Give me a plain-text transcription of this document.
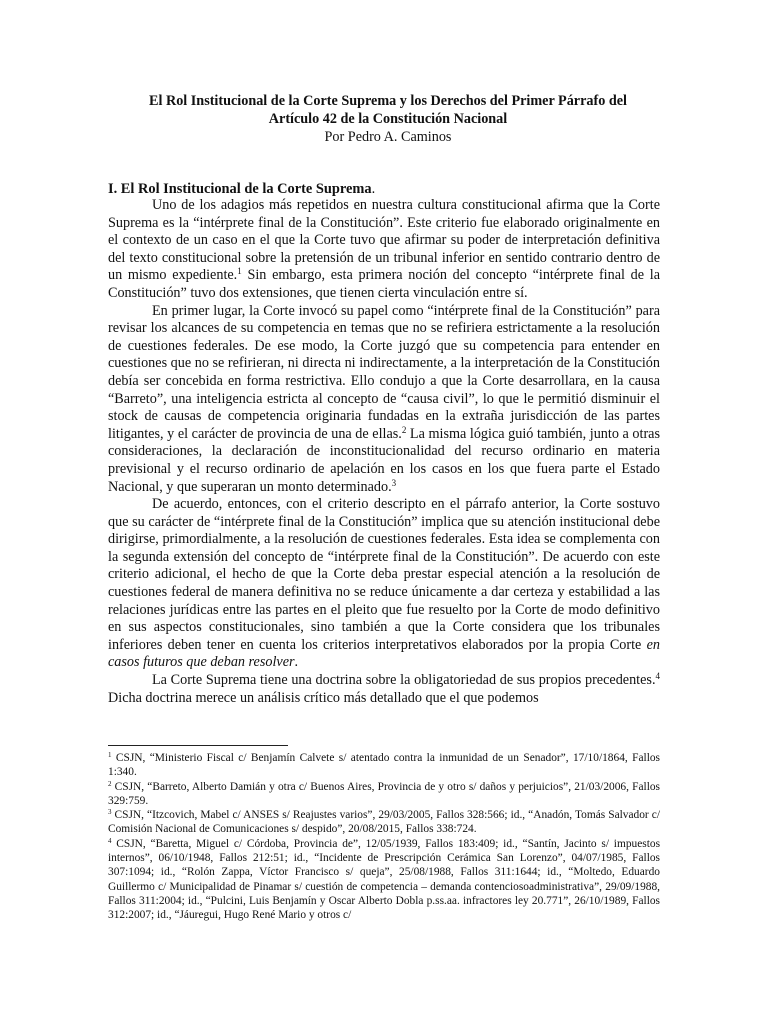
El Rol Institucional de la Corte Suprema y los Derechos del Primer Párrafo del
Artículo 42 de la Constitución Nacional
Por Pedro A. Caminos
I. El Rol Institucional de la Corte Suprema.

Uno de los adagios más repetidos en nuestra cultura constitucional afirma que la Corte Suprema es la “intérprete final de la Constitución”. Este criterio fue elaborado originalmente en el contexto de un caso en el que la Corte tuvo que afirmar su poder de interpretación definitiva del texto constitucional sobre la pretensión de un tribunal inferior en sentido contrario dentro de un mismo expediente.$^1$ Sin embargo, esta primera noción del concepto “intérprete final de la Constitución” tuvo dos extensiones, que tienen cierta vinculación entre sí.

En primer lugar, la Corte invocó su papel como “intérprete final de la Constitución” para revisar los alcances de su competencia en temas que no se refiriera estrictamente a la resolución de cuestiones federales. De ese modo, la Corte juzgó que su competencia para entender en cuestiones que no se refirieran, ni directa ni indirectamente, a la interpretación de la Constitución debía ser concebida en forma restrictiva. Ello condujo a que la Corte desarrollara, en la causa “Barreto”, una inteligencia estricta al concepto de “causa civil”, lo que le permitió disminuir el stock de causas de competencia originaria fundadas en la extraña jurisdicción de las partes litigantes, y el carácter de provincia de una de ellas.$^2$ La misma lógica guió también, junto a otras consideraciones, la declaración de inconstitucionalidad del recurso ordinario en materia previsional y el recurso ordinario de apelación en los casos en los que fuera parte el Estado Nacional, y que superaran un monto determinado.$^3$

De acuerdo, entonces, con el criterio descripto en el párrafo anterior, la Corte sostuvo que su carácter de “intérprete final de la Constitución” implica que su atención institucional debe dirigirse, primordialmente, a la resolución de cuestiones federales. Esta idea se complementa con la segunda extensión del concepto de “intérprete final de la Constitución”. De acuerdo con este criterio adicional, el hecho de que la Corte deba prestar especial atención a la resolución de cuestiones federal de manera definitiva no se reduce únicamente a dar certeza y estabilidad a las relaciones jurídicas entre las partes en el pleito que fue resuelto por la Corte de modo definitivo en sus aspectos constitucionales, sino también a que la Corte considera que los tribunales inferiores deben tener en cuenta los criterios interpretativos elaborados por la propia Corte en casos futuros que deban resolver.

La Corte Suprema tiene una doctrina sobre la obligatoriedad de sus propios precedentes.$^4$ Dicha doctrina merece un análisis crítico más detallado que el que podemos

$^1$ CSJN, “Ministerio Fiscal c/ Benjamín Calvete s/ atentado contra la inmunidad de un Senador”, 17/10/1864, Fallos 1:340.

$^2$ CSJN, “Barreto, Alberto Damián y otra c/ Buenos Aires, Provincia de y otro s/ daños y perjuicios”, 21/03/2006, Fallos 329:759.

$^3$ CSJN, “Itzcovich, Mabel c/ ANSES s/ Reajustes varios”, 29/03/2005, Fallos 328:566; id., “Anadón, Tomás Salvador c/ Comisión Nacional de Comunicaciones s/ despido”, 20/08/2015, Fallos 338:724.

$^4$ CSJN, “Baretta, Miguel c/ Córdoba, Provincia de”, 12/05/1939, Fallos 183:409; id., “Santín, Jacinto s/ impuestos internos”, 06/10/1948, Fallos 212:51; id., “Incidente de Prescripción Cerámica San Lorenzo”, 04/07/1985, Fallos 307:1094; id., “Rolón Zappa, Víctor Francisco s/ queja”, 25/08/1988, Fallos 311:1644; id., “Moltedo, Eduardo Guillermo c/ Municipalidad de Pinamar s/ cuestión de competencia – demanda contenciosoadministrativa”, 29/09/1988, Fallos 311:2004; id., “Pulcini, Luis Benjamín y Oscar Alberto Dobla p.ss.aa. infractores ley 20.771”, 26/10/1989, Fallos 312:2007; id., “Jáuregui, Hugo René Mario y otros c/
